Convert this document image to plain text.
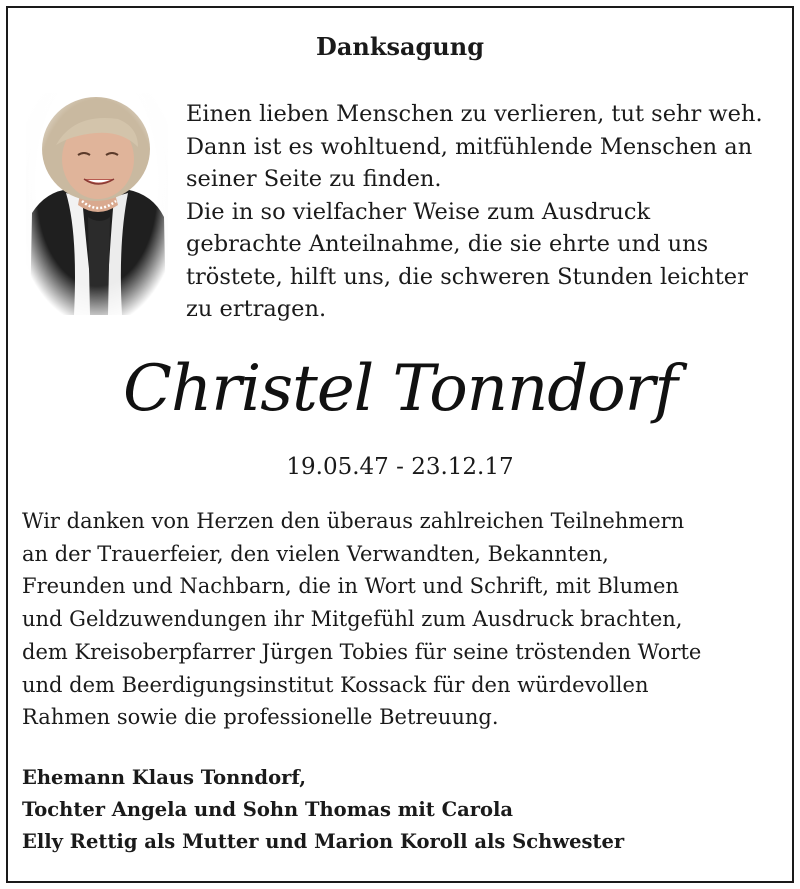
Danksagung
Einen lieben Menschen zu verlieren, tut sehr weh.
Dann ist es wohltuend, mitfühlende Menschen an
seiner Seite zu finden.
Die in so vielfacher Weise zum Ausdruck
gebrachte Anteilnahme, die sie ehrte und uns
tröstete, hilft uns, die schweren Stunden leichter
zu ertragen.
Christel Tonndorf
19.05.47 - 23.12.17
Wir danken von Herzen den überaus zahlreichen Teilnehmern
an der Trauerfeier, den vielen Verwandten, Bekannten,
Freunden und Nachbarn, die in Wort und Schrift, mit Blumen
und Geldzuwendungen ihr Mitgefühl zum Ausdruck brachten,
dem Kreisoberpfarrer Jürgen Tobies für seine tröstenden Worte
und dem Beerdigungsinstitut Kossack für den würdevollen
Rahmen sowie die professionelle Betreuung.
Ehemann Klaus Tonndorf,
Tochter Angela und Sohn Thomas mit Carola
Elly Rettig als Mutter und Marion Koroll als Schwester
